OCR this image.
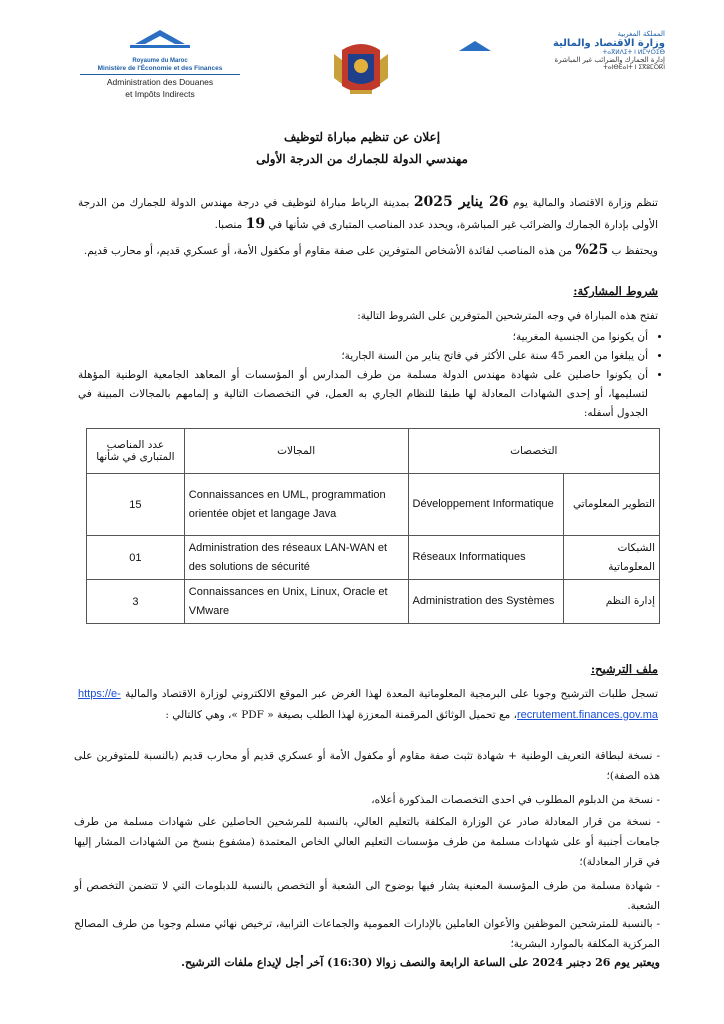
Royaume du Maroc
Ministère de l'Économie et des Finances
Administration des Douanes
et Impôts Indirects
المملكة المغربية
وزارة الاقتصاد والمالية
ⵜⴰⴳⵍⴷⵉⵜ ⵏ ⵍⵎⵖⵔⵉⴱ
إدارة الجمارك والضرائب غير المباشرة
ⵜⴰⵏⴱⴹⴰⵏⵜ ⵏ ⵉⴳⵓⵎⵔⴽⵏ
إعلان عن تنظيم مباراة لتوظيف
مهندسي الدولة للجمارك من الدرجة الأولى
تنظم وزارة الاقتصاد والمالية يوم 26 يناير 2025 بمدينة الرباط مباراة لتوظيف في درجة مهندس الدولة للجمارك من الدرجة الأولى بإدارة الجمارك والضرائب غير المباشرة، ويحدد عدد المناصب المتبارى في شأنها في 19 منصبا.
ويحتفظ ب 25% من هذه المناصب لفائدة الأشخاص المتوفرين على صفة مقاوم أو مكفول الأمة، أو عسكري قديم، أو محارب قديم.
شروط المشاركة:
تفتح هذه المباراة في وجه المترشحين المتوفرين على الشروط التالية:
• أن يكونوا من الجنسية المغربية؛
• أن يبلغوا من العمر 45 سنة على الأكثر في فاتح يناير من السنة الجارية؛
• أن يكونوا حاصلين على شهادة مهندس الدولة مسلمة من طرف المدارس أو المؤسسات أو المعاهد الجامعية الوطنية المؤهلة لتسليمها، أو إحدى الشهادات المعادلة لها طبقا للنظام الجاري به العمل، في التخصصات التالية و إلمامهم بالمجالات المبينة في الجدول أسفله:
عدد المناصب المتبارى في شأنها	المجالات	التخصصات	
15	Connaissances en UML, programmation orientée objet et langage Java	Développement Informatique	التطوير المعلوماتي
01	Administration des réseaux LAN-WAN et des solutions de sécurité	Réseaux Informatiques	الشبكات المعلوماتية
3	Connaissances en Unix, Linux, Oracle et VMware	Administration des Systèmes	إدارة النظم
ملف الترشيح:
تسجل طلبات الترشيح وجوبا على البرمجية المعلوماتية المعدة لهذا الغرض عبر الموقع الالكتروني لوزارة الاقتصاد والمالية https://e-recrutement.finances.gov.ma، مع تحميل الوثائق المرقمنة المعززة لهذا الطلب بصيغة « PDF »، وهي كالتالي :
- نسخة لبطاقة التعريف الوطنية + شهادة تثبت صفة مقاوم أو مكفول الأمة أو عسكري قديم أو محارب قديم (بالنسبة للمتوفرين على هذه الصفة)؛
- نسخة من الدبلوم المطلوب في احدى التخصصات المذكورة أعلاه،
- نسخة من قرار المعادلة صادر عن الوزارة المكلفة بالتعليم العالي، بالنسبة للمرشحين الحاصلين على شهادات مسلمة من طرف جامعات أجنبية أو على شهادات مسلمة من طرف مؤسسات التعليم العالي الخاص المعتمدة (مشفوع بنسخ من الشهادات المشار إليها في قرار المعادلة)؛
- شهادة مسلمة من طرف المؤسسة المعنية يشار فيها بوضوح الى الشعبة أو التخصص بالنسبة للدبلومات التي لا تتضمن التخصص أو الشعبة.
- بالنسبة للمترشحين الموظفين والأعوان العاملين بالإدارات العمومية والجماعات الترابية، ترخيص نهائي مسلم وجوبا من طرف المصالح المركزية المكلفة بالموارد البشرية؛
ويعتبر يوم 26 دجنبر 2024 على الساعة الرابعة والنصف زوالا (16:30) آخر أجل لإيداع ملفات الترشيح.
